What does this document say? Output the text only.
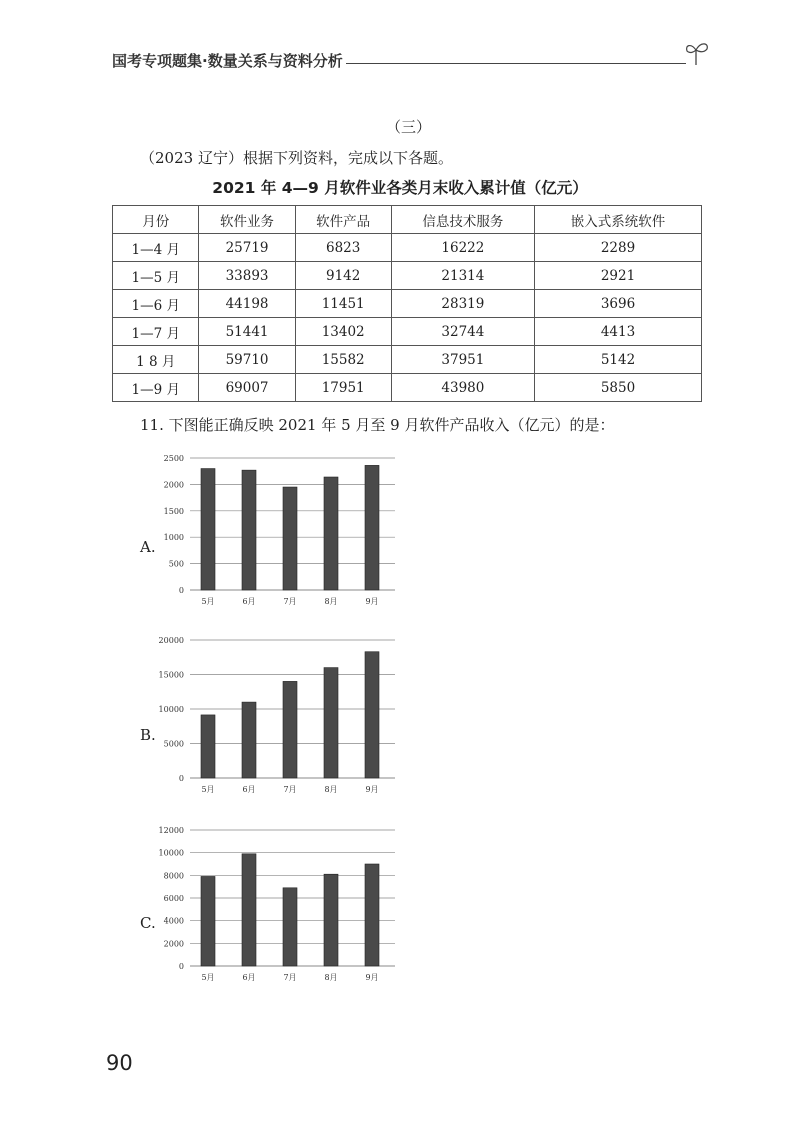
国考专项题集·数量关系与资料分析
（三）
（2023 辽宁）根据下列资料，完成以下各题。
2021 年 4—9 月软件业各类月末收入累计值（亿元）
月份	软件业务	软件产品	信息技术服务	嵌入式系统软件
1—4 月	25719	6823	16222	2289
1—5 月	33893	9142	21314	2921
1—6 月	44198	11451	28319	3696
1—7 月	51441	13402	32744	4413
1 8 月	59710	15582	37951	5142
1—9 月	69007	17951	43980	5850
11. 下图能正确反映 2021 年 5 月至 9 月软件产品收入（亿元）的是：
A.
0
500
1000
1500
2000
2500
5月	6月	7月	8月	9月
B.
0
5000
10000
15000
20000
5月	6月	7月	8月	9月
C.
0
2000
4000
6000
8000
10000
12000
5月	6月	7月	8月	9月
90
